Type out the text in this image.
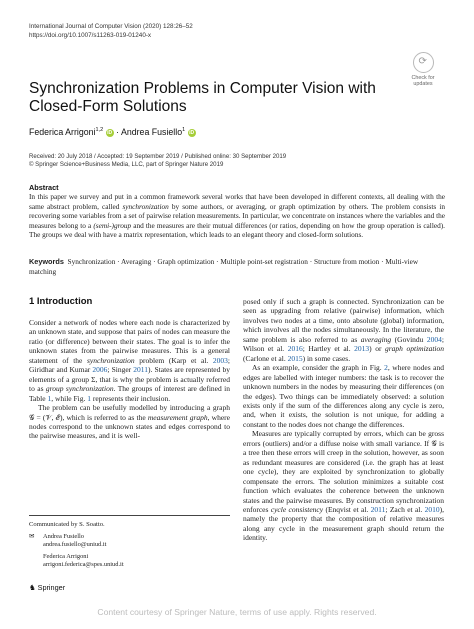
International Journal of Computer Vision (2020) 128:26–52
https://doi.org/10.1007/s11263-019-01240-x
⟳
Check for
updates
Synchronization Problems in Computer Vision with Closed-Form Solutions
Federica Arrigoni$^{1,2}$ iD · Andrea Fusiello$^1$ iD
Received: 20 July 2018 / Accepted: 19 September 2019 / Published online: 30 September 2019
© Springer Science+Business Media, LLC, part of Springer Nature 2019
Abstract
In this paper we survey and put in a common framework several works that have been developed in different contexts, all dealing with the same abstract problem, called synchronization by some authors, or averaging, or graph optimization by others. The problem consists in recovering some variables from a set of pairwise relation measurements. In particular, we concentrate on instances where the variables and the measures belong to a (semi-)group and the measures are their mutual differences (or ratios, depending on how the group operation is called). The groups we deal with have a matrix representation, which leads to an elegant theory and closed-form solutions.
Keywords Synchronization · Averaging · Graph optimization · Multiple point-set registration · Structure from motion · Multi-view matching
1 Introduction

Consider a network of nodes where each node is characterized by an unknown state, and suppose that pairs of nodes can measure the ratio (or difference) between their states. The goal is to infer the unknown states from the pairwise measures. This is a general statement of the synchronization problem (Karp et al. 2003; Giridhar and Kumar 2006; Singer 2011). States are represented by elements of a group Σ, that is why the problem is actually referred to as group synchronization. The groups of interest are defined in Table 1, while Fig. 1 represents their inclusion.

The problem can be usefully modelled by introducing a graph 𝒢 = (𝒱, ℰ), which is referred to as the measurement graph, where nodes correspond to the unknown states and edges correspond to the pairwise measures, and it is well-

posed only if such a graph is connected. Synchronization can be seen as upgrading from relative (pairwise) information, which involves two nodes at a time, onto absolute (global) information, which involves all the nodes simultaneously. In the literature, the same problem is also referred to as averaging (Govindu 2004; Wilson et al. 2016; Hartley et al. 2013) or graph optimization (Carlone et al. 2015) in some cases.

As an example, consider the graph in Fig. 2, where nodes and edges are labelled with integer numbers: the task is to recover the unknown numbers in the nodes by measuring their differences (on the edges). Two things can be immediately observed: a solution exists only if the sum of the differences along any cycle is zero, and, when it exists, the solution is not unique, for adding a constant to the nodes does not change the differences.

Measures are typically corrupted by errors, which can be gross errors (outliers) and/or a diffuse noise with small variance. If 𝒢 is a tree then these errors will creep in the solution, however, as soon as redundant measures are considered (i.e. the graph has at least one cycle), they are exploited by synchronization to globally compensate the errors. The solution minimizes a suitable cost function which evaluates the coherence between the unknown states and the pairwise measures. By construction synchronization enforces cycle consistency (Enqvist et al. 2011; Zach et al. 2010), namely the property that the composition of relative measures along any cycle in the measurement graph should return the identity.

Communicated by S. Soatto.
✉ Andrea Fusiello
andrea.fusiello@uniud.it
Federica Arrigoni
arrigoni.federica@spes.uniud.it
♞ Springer
Content courtesy of Springer Nature, terms of use apply. Rights reserved.
